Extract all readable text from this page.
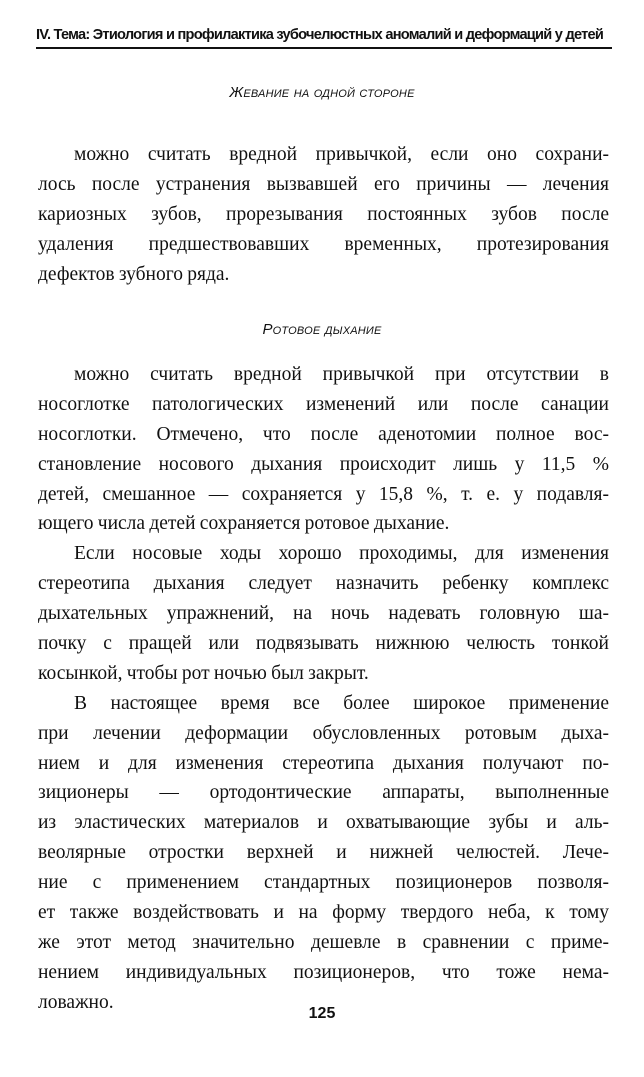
IV. Тема: Этиология и профилактика зубочелюстных аномалий и деформаций у детей
Жевание на одной стороне
можно считать вредной привычкой, если оно сохрани-
лось после устранения вызвавшей его причины — лечения
кариозных зубов, прорезывания постоянных зубов после
удаления предшествовавших временных, протезирования
дефектов зубного ряда.
Ротовое дыхание
можно считать вредной привычкой при отсутствии в
носоглотке патологических изменений или после санации
носоглотки. Отмечено, что после аденотомии полное вос-
становление носового дыхания происходит лишь у 11,5 %
детей, смешанное — сохраняется у 15,8 %, т. е. у подавля-
ющего числа детей сохраняется ротовое дыхание.
Если носовые ходы хорошо проходимы, для изменения
стереотипа дыхания следует назначить ребенку комплекс
дыхательных упражнений, на ночь надевать головную ша-
почку с пращей или подвязывать нижнюю челюсть тонкой
косынкой, чтобы рот ночью был закрыт.
В настоящее время все более широкое применение
при лечении деформации обусловленных ротовым дыха-
нием и для изменения стереотипа дыхания получают по-
зиционеры — ортодонтические аппараты, выполненные
из эластических материалов и охватывающие зубы и аль-
веолярные отростки верхней и нижней челюстей. Лече-
ние с применением стандартных позиционеров позволя-
ет также воздействовать и на форму твердого неба, к тому
же этот метод значительно дешевле в сравнении с приме-
нением индивидуальных позиционеров, что тоже нема-
ловажно.
125
